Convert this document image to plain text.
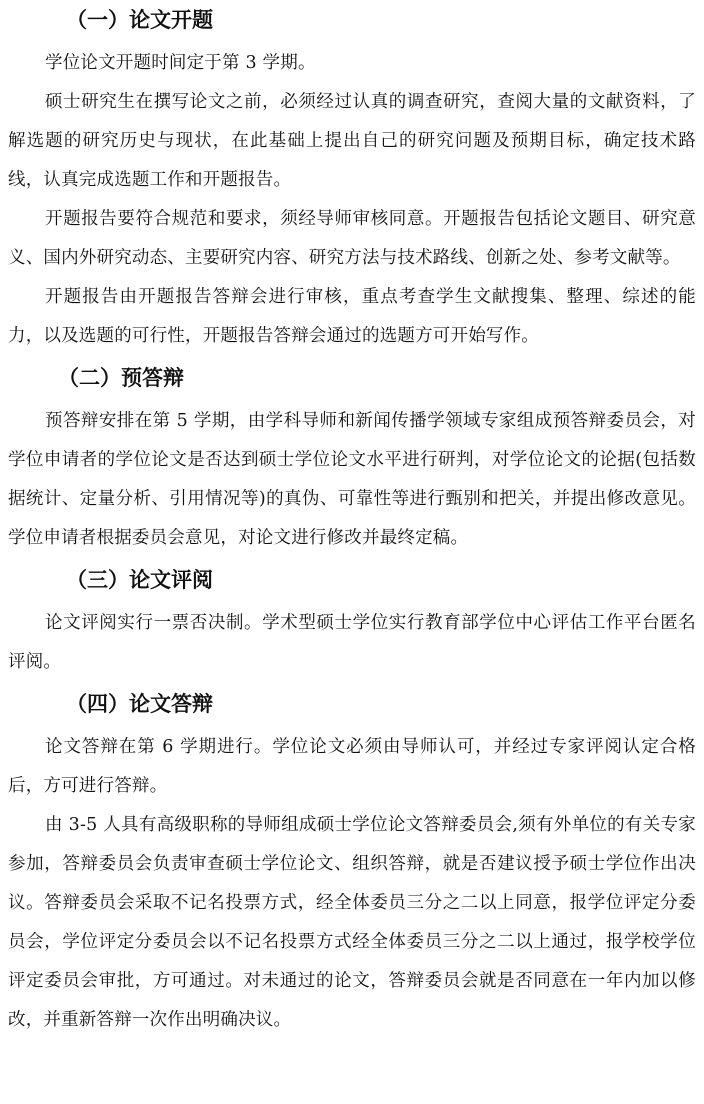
（一）论文开题

学位论文开题时间定于第 3 学期。

硕士研究生在撰写论文之前，必须经过认真的调查研究，查阅大量的文献资料，了解选题的研究历史与现状，在此基础上提出自己的研究问题及预期目标，确定技术路线，认真完成选题工作和开题报告。

开题报告要符合规范和要求，须经导师审核同意。开题报告包括论文题目、研究意义、国内外研究动态、主要研究内容、研究方法与技术路线、创新之处、参考文献等。

开题报告由开题报告答辩会进行审核，重点考查学生文献搜集、整理、综述的能力，以及选题的可行性，开题报告答辩会通过的选题方可开始写作。

（二）预答辩

预答辩安排在第 5 学期，由学科导师和新闻传播学领域专家组成预答辩委员会，对学位申请者的学位论文是否达到硕士学位论文水平进行研判，对学位论文的论据(包括数据统计、定量分析、引用情况等)的真伪、可靠性等进行甄别和把关，并提出修改意见。学位申请者根据委员会意见，对论文进行修改并最终定稿。

（三）论文评阅

论文评阅实行一票否决制。学术型硕士学位实行教育部学位中心评估工作平台匿名评阅。

（四）论文答辩

论文答辩在第 6 学期进行。学位论文必须由导师认可，并经过专家评阅认定合格后，方可进行答辩。

由 3-5 人具有高级职称的导师组成硕士学位论文答辩委员会,须有外单位的有关专家参加，答辩委员会负责审查硕士学位论文、组织答辩，就是否建议授予硕士学位作出决议。答辩委员会采取不记名投票方式，经全体委员三分之二以上同意，报学位评定分委员会，学位评定分委员会以不记名投票方式经全体委员三分之二以上通过，报学校学位评定委员会审批，方可通过。对未通过的论文，答辩委员会就是否同意在一年内加以修改，并重新答辩一次作出明确决议。
